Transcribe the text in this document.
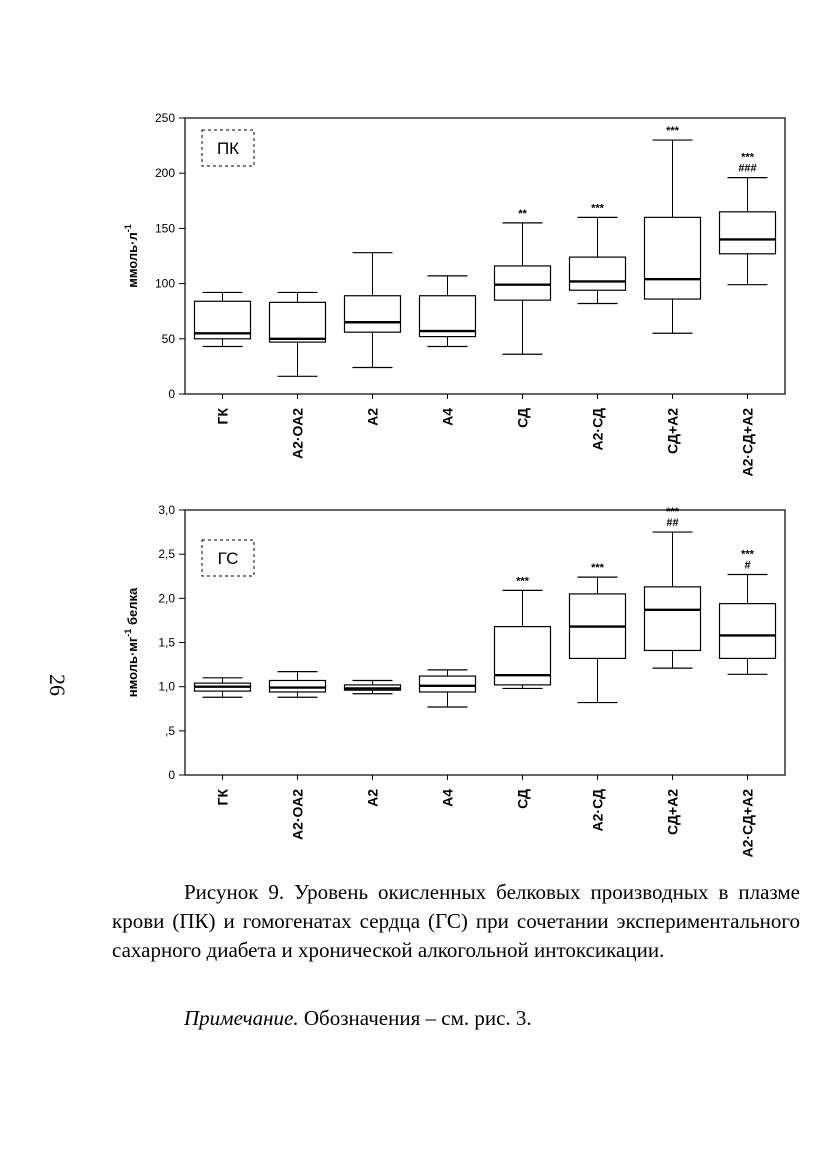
26
0
50
100
150
200
250
$ммоль\cdot л^{-1}$
ПК
ГК	А2·ОА2	А2	А4	СД	А2·СД	СД+А2	А2·СД+А2
**	***
***
***
###
0
,5
1,0
1,5
2,0
2,5
3,0
$нмоль\cdot мг^{-1}$ белка
ГС
ГК	А2·ОА2	А2	А4	СД	А2·СД	СД+А2	А2·СД+А2
***
***
***
##
***
#
Рисунок 9. Уровень окисленных белковых производных в плазме крови (ПК) и гомогенатах сердца (ГС) при сочетании экспериментального сахарного диабета и хронической алкогольной интоксикации.
Примечание. Обозначения – см. рис. 3.
